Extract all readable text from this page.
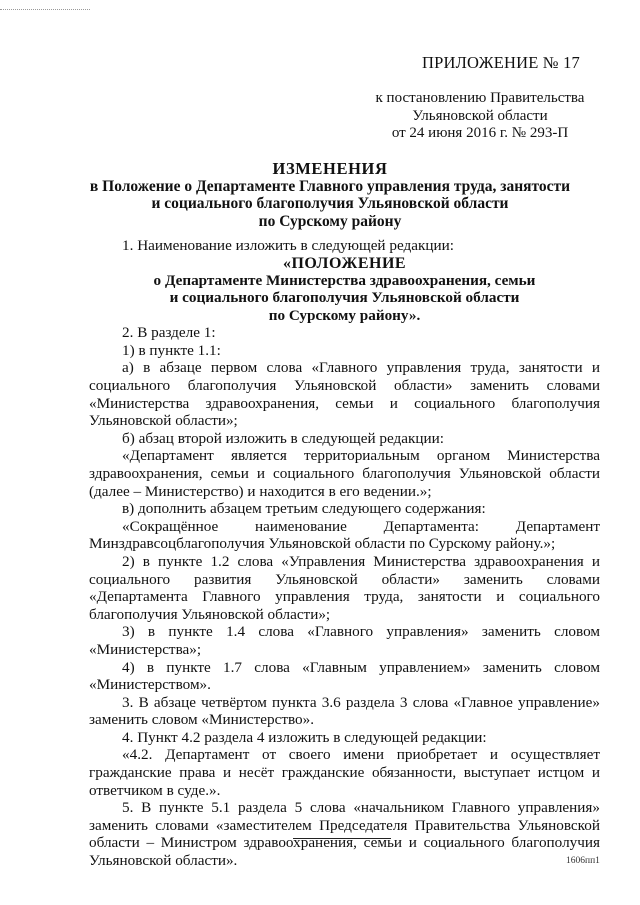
ПРИЛОЖЕНИЕ № 17
к постановлению Правительства
Ульяновской области
от 24 июня 2016 г. № 293-П
ИЗМЕНЕНИЯ
в Положение о Департаменте Главного управления труда, занятости
и социального благополучия Ульяновской области
по Сурскому району

1. Наименование изложить в следующей редакции:

«ПОЛОЖЕНИЕ
о Департаменте Министерства здравоохранения, семьи
и социального благополучия Ульяновской области
по Сурскому району».

2. В разделе 1:

1) в пункте 1.1:

а) в абзаце первом слова «Главного управления труда, занятости и социального благополучия Ульяновской области» заменить словами «Министерства здравоохранения, семьи и социального благополучия Ульяновской области»;

б) абзац второй изложить в следующей редакции:

«Департамент является территориальным органом Министерства здравоохранения, семьи и социального благополучия Ульяновской области (далее – Министерство) и находится в его ведении.»;

в) дополнить абзацем третьим следующего содержания:

«Сокращённое наименование Департамента: Департамент Минздравсоцблагополучия Ульяновской области по Сурскому району.»;

2) в пункте 1.2 слова «Управления Министерства здравоохранения и социального развития Ульяновской области» заменить словами «Департамента Главного управления труда, занятости и социального благополучия Ульяновской области»;

3) в пункте 1.4 слова «Главного управления» заменить словом «Министерства»;

4) в пункте 1.7 слова «Главным управлением» заменить словом «Министерством».

3. В абзаце четвёртом пункта 3.6 раздела 3 слова «Главное управление» заменить словом «Министерство».

4. Пункт 4.2 раздела 4 изложить в следующей редакции:

«4.2. Департамент от своего имени приобретает и осуществляет гражданские права и несёт гражданские обязанности, выступает истцом и ответчиком в суде.».

5. В пункте 5.1 раздела 5 слова «начальником Главного управления» заменить словами «заместителем Председателя Правительства Ульяновской области – Министром здравоохранения, семьи и социального благополучия Ульяновской области».	1606пп1
